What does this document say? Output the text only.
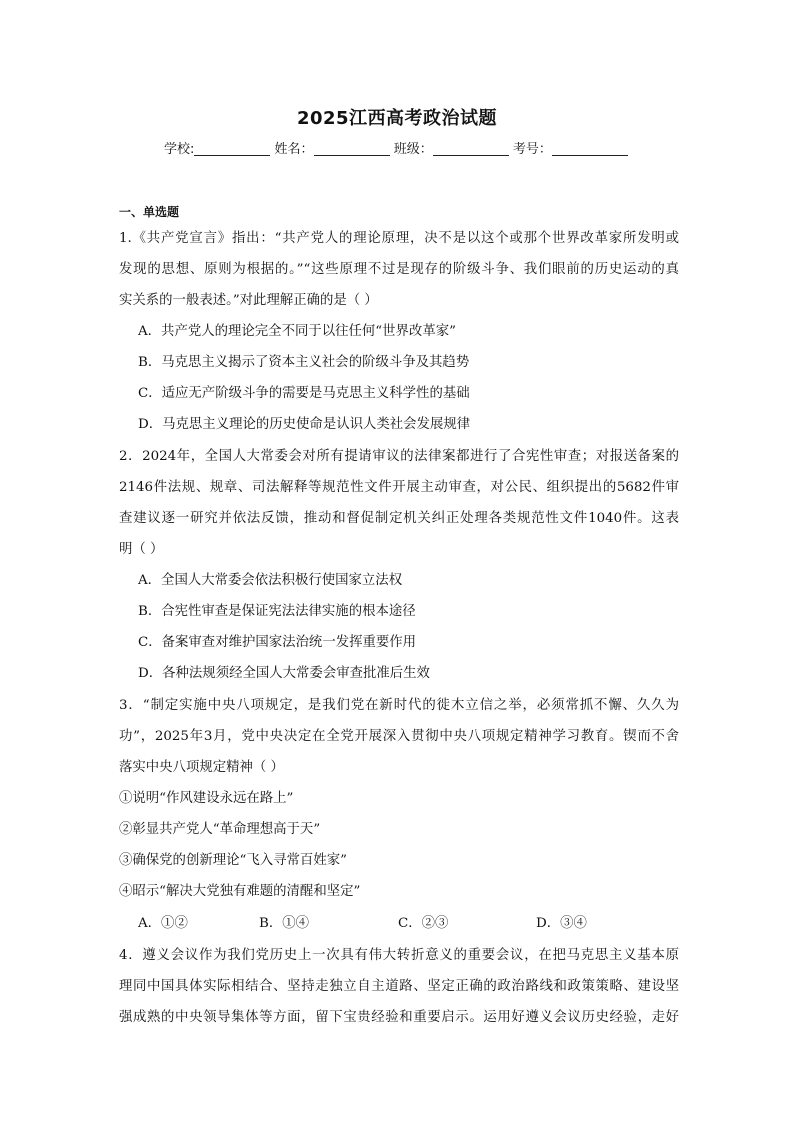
2025江西高考政治试题
学校:	姓名：	班级：	考号：
一、单选题
1.《共产党宣言》指出：“共产党人的理论原理，决不是以这个或那个世界改革家所发明或
发现的思想、原则为根据的。”“这些原理不过是现存的阶级斗争、我们眼前的历史运动的真
实关系的一般表述。”对此理解正确的是（ ）
A．共产党人的理论完全不同于以往任何“世界改革家”
B．马克思主义揭示了资本主义社会的阶级斗争及其趋势
C．适应无产阶级斗争的需要是马克思主义科学性的基础
D．马克思主义理论的历史使命是认识人类社会发展规律
2．2024年，全国人大常委会对所有提请审议的法律案都进行了合宪性审查；对报送备案的
2146件法规、规章、司法解释等规范性文件开展主动审查，对公民、组织提出的5682件审
查建议逐一研究并依法反馈，推动和督促制定机关纠正处理各类规范性文件1040件。这表
明（ ）
A．全国人大常委会依法积极行使国家立法权
B．合宪性审查是保证宪法法律实施的根本途径
C．备案审查对维护国家法治统一发挥重要作用
D．各种法规须经全国人大常委会审查批准后生效
3．“制定实施中央八项规定，是我们党在新时代的徙木立信之举，必须常抓不懈、久久为
功”，2025年3月，党中央决定在全党开展深入贯彻中央八项规定精神学习教育。锲而不舍
落实中央八项规定精神（ ）
①说明“作风建设永远在路上”
②彰显共产党人“革命理想高于天”
③确保党的创新理论“飞入寻常百姓家”
④昭示“解决大党独有难题的清醒和坚定”
A．①②	B．①④	C．②③	D．③④
4．遵义会议作为我们党历史上一次具有伟大转折意义的重要会议，在把马克思主义基本原
理同中国具体实际相结合、坚持走独立自主道路、坚定正确的政治路线和政策策略、建设坚
强成熟的中央领导集体等方面，留下宝贵经验和重要启示。运用好遵义会议历史经验，走好
